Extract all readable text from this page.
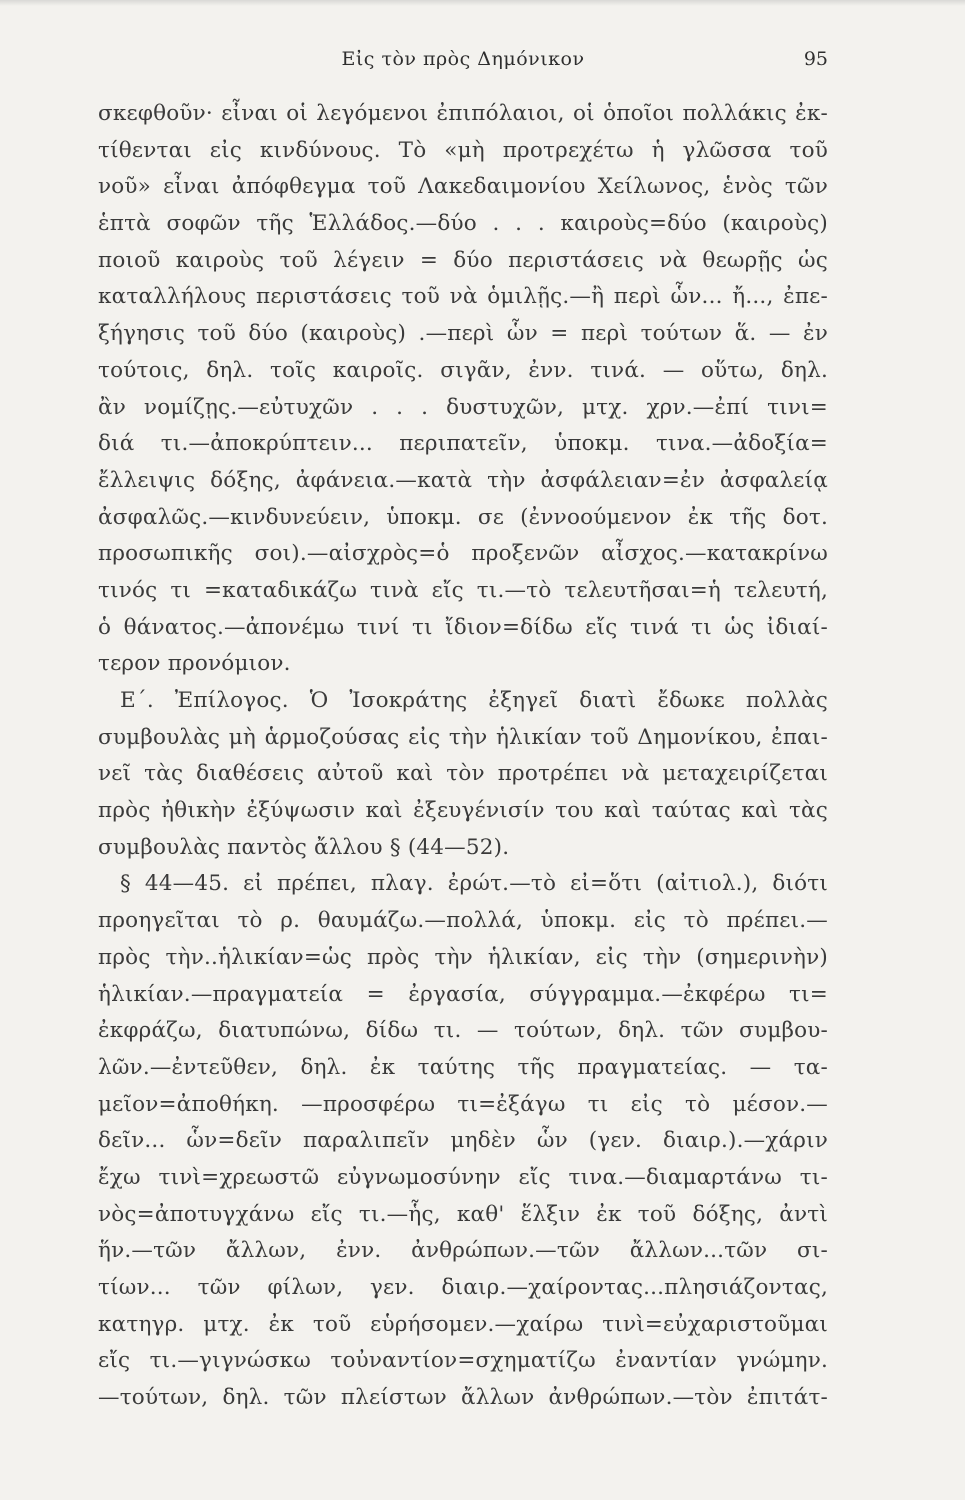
Εἰς τὸν πρὸς Δημόνικον	95
σκεφθοῦν· εἶναι οἱ λεγόμενοι ἐπιπόλαιοι, οἱ ὁποῖοι πολλάκις ἐκ-
τίθενται εἰς κινδύνους. Τὸ «μὴ προτρεχέτω ἡ γλῶσσα τοῦ
νοῦ» εἶναι ἀπόφθεγμα τοῦ Λακεδαιμονίου Χείλωνος, ἑνὸς τῶν
ἑπτὰ σοφῶν τῆς Ἑλλάδος.—δύο . . . καιροὺς=δύο (καιροὺς)
ποιοῦ καιροὺς τοῦ λέγειν = δύο περιστάσεις νὰ θεωρῇς ὡς
καταλλήλους περιστάσεις τοῦ νὰ ὁμιλῇς.—ἢ περὶ ὧν... ἤ..., ἐπε-
ξήγησις τοῦ δύο (καιροὺς) .—περὶ ὧν = περὶ τούτων ἅ. — ἐν
τούτοις, δηλ. τοῖς καιροῖς. σιγᾶν, ἐνν. τινά. — οὕτω, δηλ.
ἂν νομίζῃς.—εὐτυχῶν . . . δυστυχῶν, μτχ. χρν.—ἐπί τινι=
διά τι.—ἀποκρύπτειν... περιπατεῖν, ὑποκμ. τινα.—ἀδοξία=
ἔλλειψις δόξης, ἀφάνεια.—κατὰ τὴν ἀσφάλειαν=ἐν ἀσφαλείᾳ
ἀσφαλῶς.—κινδυνεύειν, ὑποκμ. σε (ἐννοούμενον ἐκ τῆς δοτ.
προσωπικῆς σοι).—αἰσχρὸς=ὁ προξενῶν αἶσχος.—κατακρίνω
τινός τι =καταδικάζω τινὰ εἴς τι.—τὸ τελευτῆσαι=ἡ τελευτή,
ὁ θάνατος.—ἀπονέμω τινί τι ἴδιον=δίδω εἴς τινά τι ὡς ἰδιαί-
τερον προνόμιον.
Ε΄. Ἐπίλογος. Ὁ Ἰσοκράτης ἐξηγεῖ διατὶ ἔδωκε πολλὰς
συμβουλὰς μὴ ἁρμοζούσας εἰς τὴν ἡλικίαν τοῦ Δημονίκου, ἐπαι-
νεῖ τὰς διαθέσεις αὐτοῦ καὶ τὸν προτρέπει νὰ μεταχειρίζεται
πρὸς ἠθικὴν ἐξύψωσιν καὶ ἐξευγένισίν του καὶ ταύτας καὶ τὰς
συμβουλὰς παντὸς ἄλλου § (44—52).
§ 44—45. εἰ πρέπει, πλαγ. ἐρώτ.—τὸ εἰ=ὅτι (αἰτιολ.), διότι
προηγεῖται τὸ ρ. θαυμάζω.—πολλά, ὑποκμ. εἰς τὸ πρέπει.—
πρὸς τὴν..ἡλικίαν=ὡς πρὸς τὴν ἡλικίαν, εἰς τὴν (σημερινὴν)
ἡλικίαν.—πραγματεία = ἐργασία, σύγγραμμα.—ἐκφέρω τι=
ἐκφράζω, διατυπώνω, δίδω τι. — τούτων, δηλ. τῶν συμβου-
λῶν.—ἐντεῦθεν, δηλ. ἐκ ταύτης τῆς πραγματείας. — τα-
μεῖον=ἀποθήκη. —προσφέρω τι=ἐξάγω τι εἰς τὸ μέσον.—
δεῖν... ὧν=δεῖν παραλιπεῖν μηδὲν ὧν (γεν. διαιρ.).—χάριν
ἔχω τινὶ=χρεωστῶ εὐγνωμοσύνην εἴς τινα.—διαμαρτάνω τι-
νὸς=ἀποτυγχάνω εἴς τι.—ἧς, καθ' ἕλξιν ἐκ τοῦ δόξης, ἀντὶ
ἥν.—τῶν ἄλλων, ἐνν. ἀνθρώπων.—τῶν ἄλλων...τῶν σι-
τίων... τῶν φίλων, γεν. διαιρ.—χαίροντας...πλησιάζοντας,
κατηγρ. μτχ. ἐκ τοῦ εὑρήσομεν.—χαίρω τινὶ=εὐχαριστοῦμαι
εἴς τι.—γιγνώσκω τοὐναντίον=σχηματίζω ἐναντίαν γνώμην.
—τούτων, δηλ. τῶν πλείστων ἄλλων ἀνθρώπων.—τὸν ἐπιτάτ-
